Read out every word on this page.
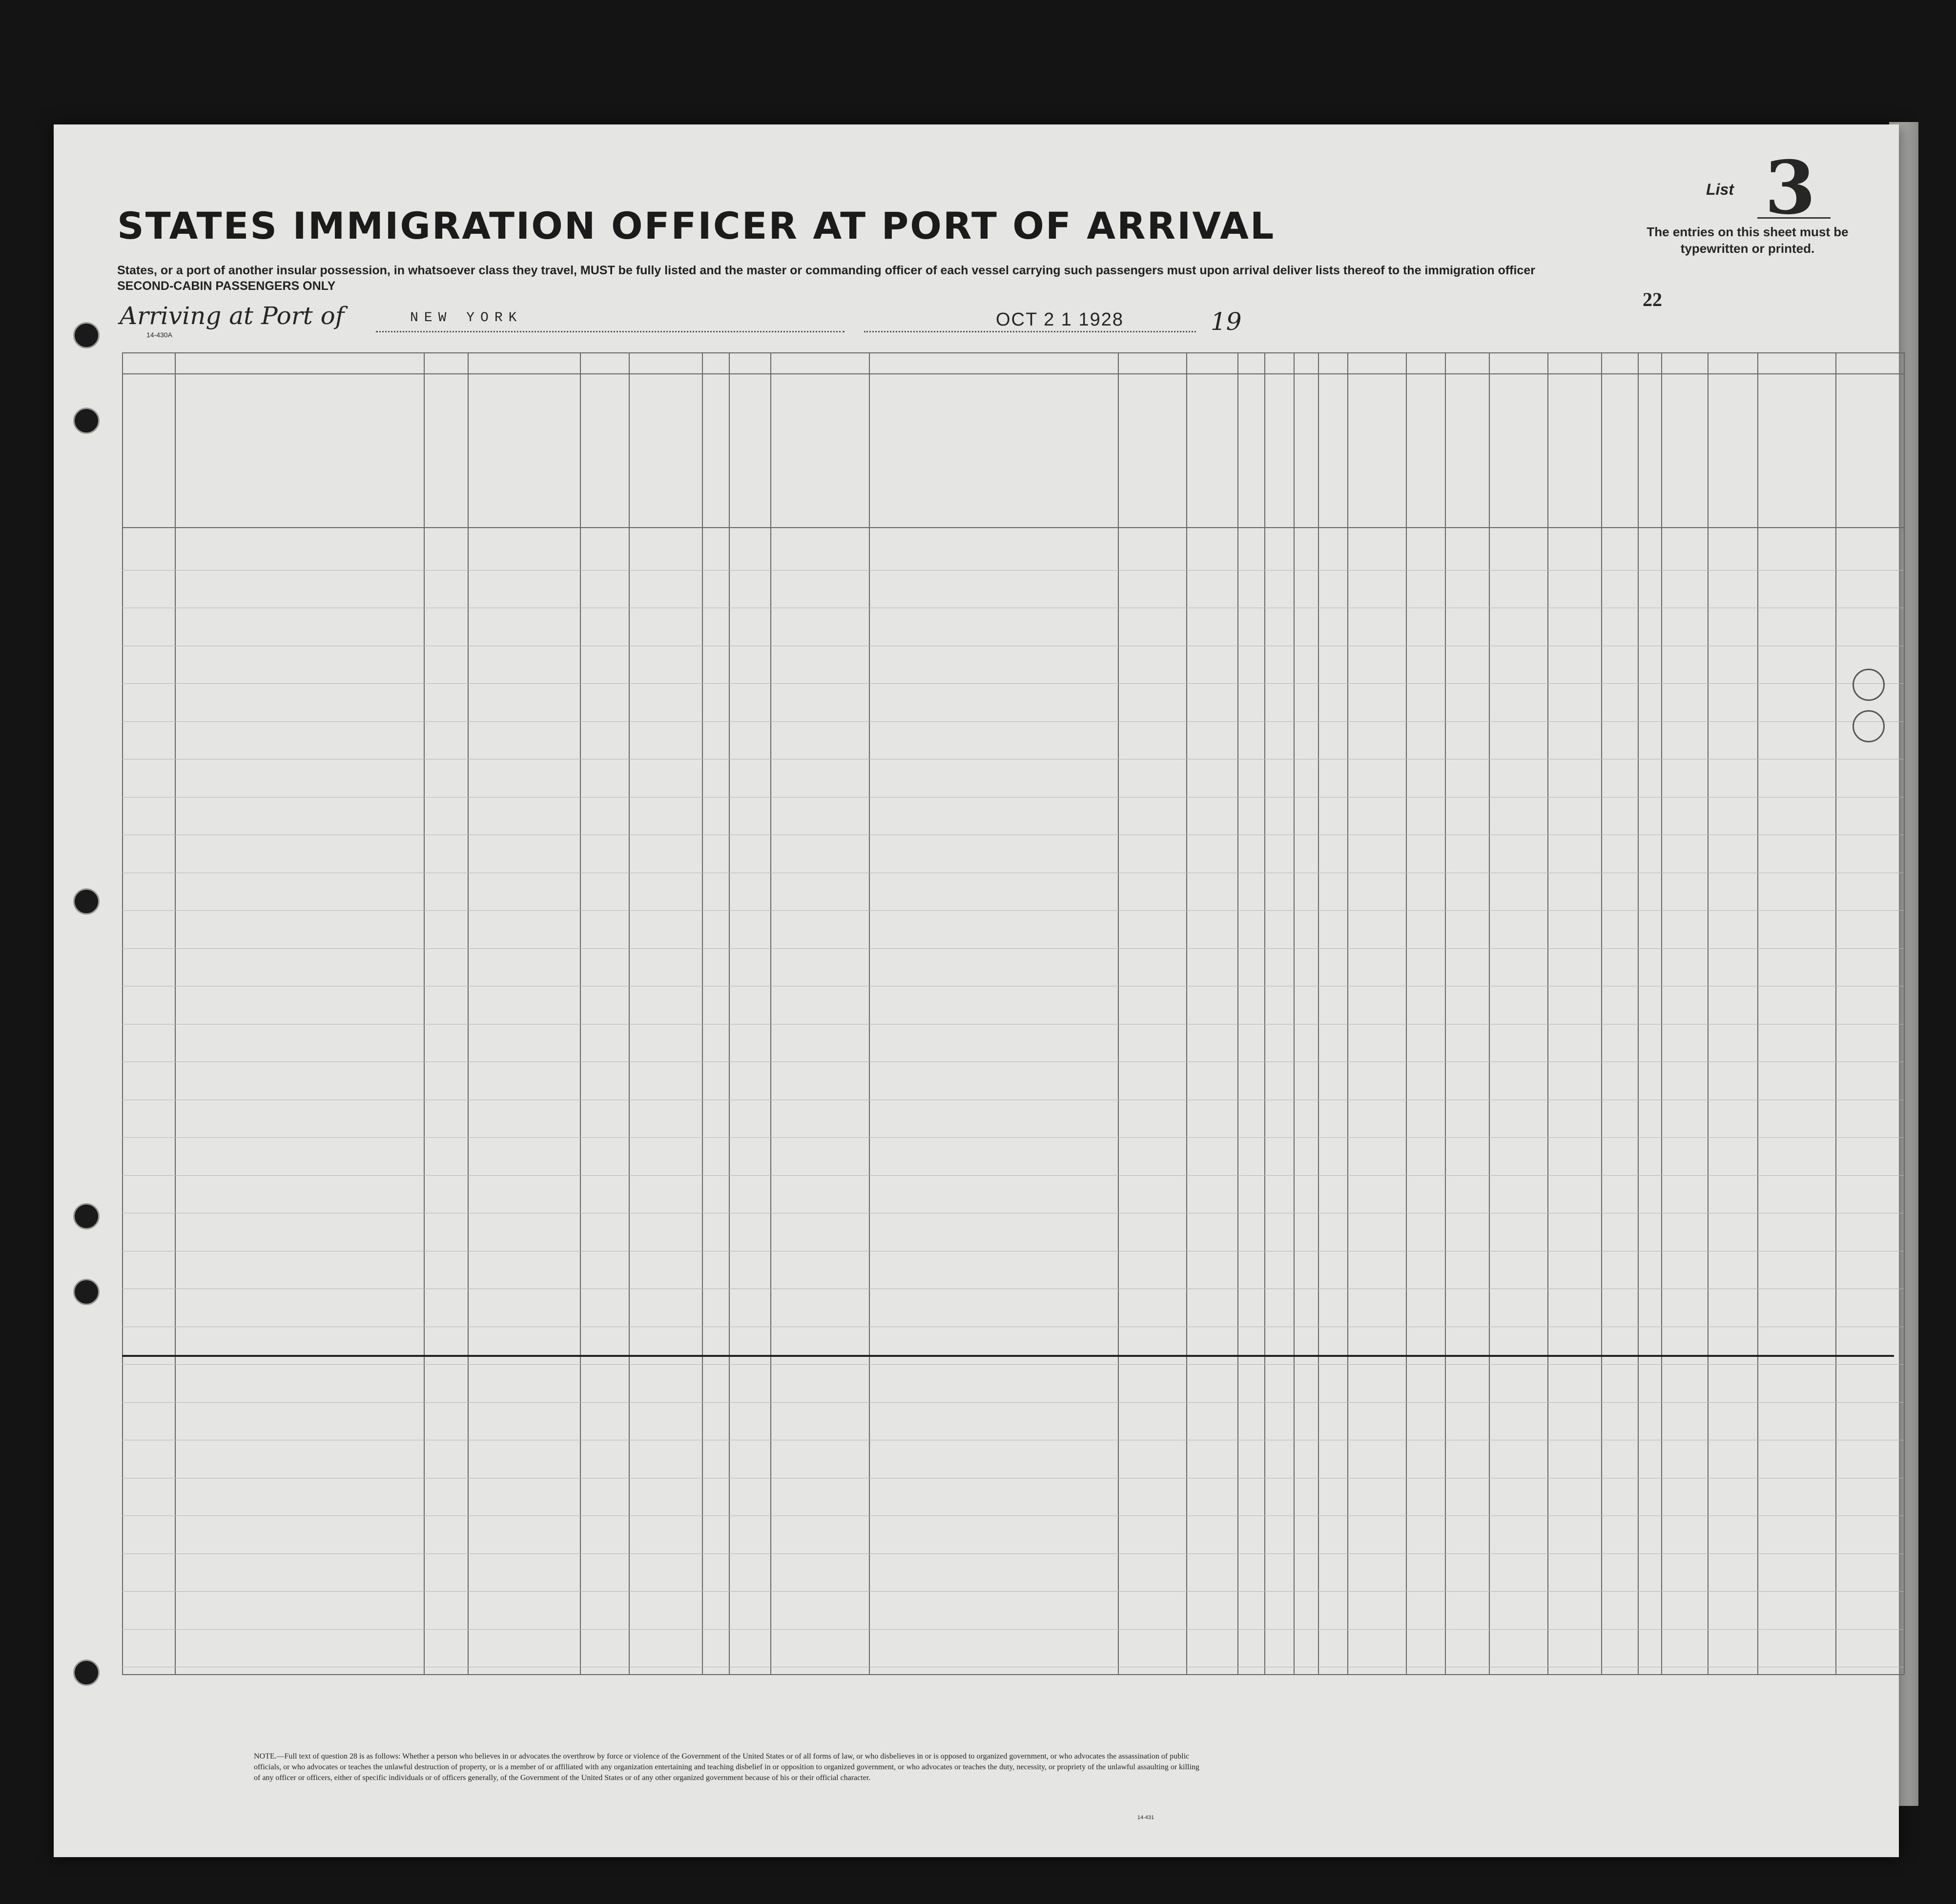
STATES IMMIGRATION OFFICER AT PORT OF ARRIVAL
States, or a port of another insular possession, in whatsoever class they travel, MUST be fully listed and the master or commanding officer of each vessel carrying such passengers must upon arrival deliver lists thereof to the immigration officer
SECOND-CABIN PASSENGERS ONLY
List 3
The entries on this sheet must be typewritten or printed.
22
Arriving at Port of	NEW YORK	OCT 2 1 1928	19
14-430A
NOTE.—Full text of question 28 is as follows: Whether a person who believes in or advocates the overthrow by force or violence of the Government of the United States or of all forms of law, or who disbelieves in or is opposed to organized government, or who advocates the assassination of public officials, or who advocates or teaches the unlawful destruction of property, or is a member of or affiliated with any organization entertaining and teaching disbelief in or opposition to organized government, or who advocates or teaches the duty, necessity, or propriety of the unlawful assaulting or killing of any officer or officers, either of specific individuals or of officers generally, of the Government of the United States or of any other organized government because of his or their official character.
14-431
